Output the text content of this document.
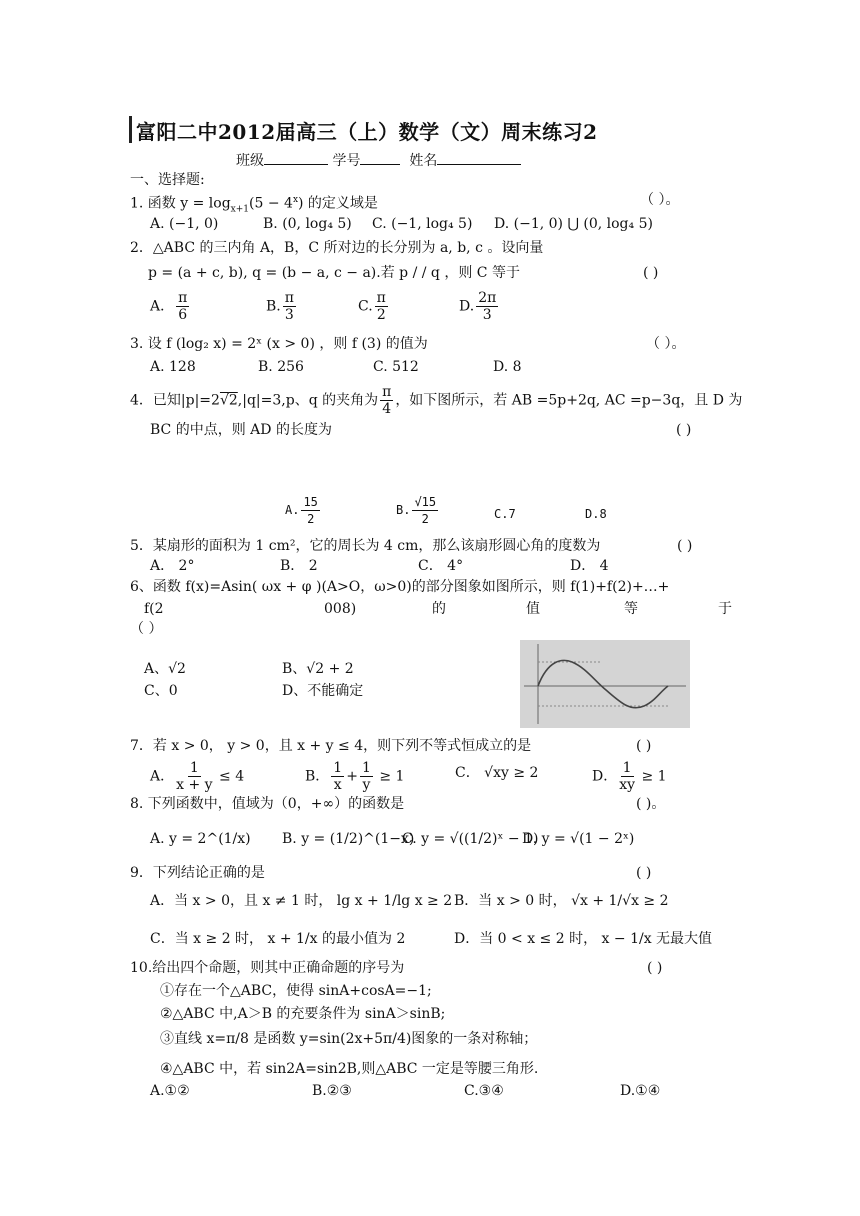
富阳二中2012届高三（上）数学（文）周末练习2
班级	学号	姓名
一、选择题:
1. 函数 $y = \log_{x+1}(5 - 4^x)$ 的定义域是	（ ）。
A. (−1, 0)	B. (0, log₄ 5) C. (−1, log₄ 5) D. (−1, 0) ⋃ (0, log₄ 5)
2．△ABC 的三内角 A，B，C 所对边的长分别为 a, b, c 。设向量
p = (a + c, b), q = (b − a, c − a).若 p / / q ，则 C 等于	( )
A． $\frac{\pi}{6}$	B. $\frac{\pi}{3}$	C. $\frac{\pi}{2}$	D. $\frac{2\pi}{3}$
3. 设 f (log₂ x) = 2ˣ (x > 0) ，则 f (3) 的值为	（ ）。
A. 128	B. 256	C. 512	D. 8
4．已知|p|=2√2,|q|=3,p、q 的夹角为 $\frac{\pi}{4}$ ，如下图所示，若 AB =5p+2q, AC =p−3q，且 D 为
BC 的中点，则 AD 的长度为	( )
A. $\frac{15}{2}$	B. $\frac{√15}{2}$	C.7	D.8
5．某扇形的面积为 1 cm²，它的周长为 4 cm，那么该扇形圆心角的度数为	( )
A． 2°	B． 2	C． 4°	D． 4
6、函数 f(x)=Asin( ωx + φ )(A>O，ω>0)的部分图象如图所示，则 f(1)+f(2)+…+
f(2	008)	的	值	等	于
（ ）
A、√2	B、√2 + 2
C、0	D、不能确定
7．若 x > 0， y > 0，且 x + y ≤ 4，则下列不等式恒成立的是	( )
A． $\frac{1}{x + y} \le 4$	B． $\frac{1}{x} + \frac{1}{y} \ge 1$	C． √xy ≥ 2	D． $\frac{1}{xy} \ge 1$
8. 下列函数中，值域为（0，+∞）的函数是	( )。
A. y = 2^(1/x) B. y = (1/2)^(1−x)
C. y = √((1/2)ˣ − 1)
D. y = √(1 − 2ˣ)
9．下列结论正确的是	( )
A．当 x > 0，且 x ≠ 1 时， lg x + 1/lg x ≥ 2 B．当 x > 0 时， √x + 1/√x ≥ 2
C．当 x ≥ 2 时， x + 1/x 的最小值为 2	D．当 0 < x ≤ 2 时， x − 1/x 无最大值
10.给出四个命题，则其中正确命题的序号为	( )
①存在一个△ABC，使得 sinA+cosA=−1;
②△ABC 中,A＞B 的充要条件为 sinA＞sinB;
③直线 x=π/8 是函数 y=sin(2x+5π/4)图象的一条对称轴；
④△ABC 中，若 sin2A=sin2B,则△ABC 一定是等腰三角形.
A.①②	B.②③	C.③④	D.①④
